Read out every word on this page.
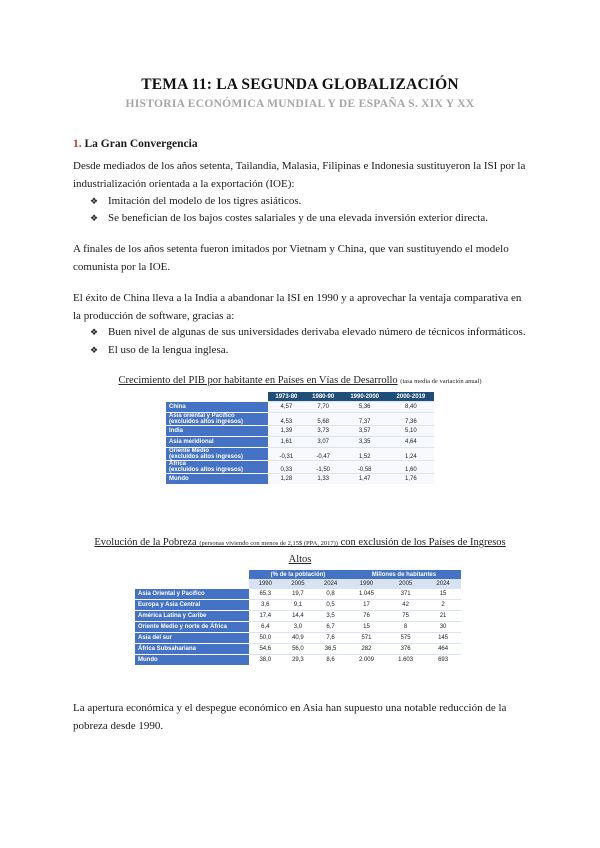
TEMA 11: LA SEGUNDA GLOBALIZACIÓN
HISTORIA ECONÓMICA MUNDIAL Y DE ESPAÑA S. XIX Y XX
1. La Gran Convergencia
Desde mediados de los años setenta, Tailandia, Malasia, Filipinas e Indonesia sustituyeron la ISI por la industrialización orientada a la exportación (IOE):
❖ Imitación del modelo de los tigres asiáticos.
❖ Se benefician de los bajos costes salariales y de una elevada inversión exterior directa.
A finales de los años setenta fueron imitados por Vietnam y China, que van sustituyendo el modelo comunista por la IOE.
El éxito de China lleva a la India a abandonar la ISI en 1990 y a aprovechar la ventaja comparativa en la producción de software, gracias a:
❖ Buen nivel de algunas de sus universidades derivaba elevado número de técnicos informáticos.
❖ El uso de la lengua inglesa.
Crecimiento del PIB por habitante en Países en Vías de Desarrollo (tasa media de variación anual)
	1973-80	1980-90	1990-2000	2000-2019

China	4,57	7,70	5,36	8,40

Asia oriental y Pacífico
(excluidos altos ingresos)	4,53	5,68	7,37	7,36

India	1,39	3,73	3,57	5,10

Asia meridional	1,61	3,07	3,35	4,64

Oriente Medio
(excluidos altos ingresos)	-0,31	-0,47	1,52	1,24

África
(excluidos altos ingresos)	0,33	-1,50	-0,58	1,60

Mundo	1,28	1,33	1,47	1,76
Evolución de la Pobreza (personas viviendo con menos de 2,15$ (PPA, 2017)) con exclusión de los Países de Ingresos
Altos
	(% de la población)			Millones de habitantes		
	1990	2005	2024	1990	2005	2024
Asia Oriental y Pacífico	65,3	19,7	0,8	1.045	371	15
Europa y Asia Central	3,6	9,1	0,5	17	42	2
América Latina y Caribe	17,4	14,4	3,5	76	75	21
Oriente Medio y norte de África	6,4	3,0	6,7	15	8	30
Asia del sur	50,0	40,9	7,6	571	575	145
África Subsahariana	54,6	56,0	36,5	282	376	464
Mundo	38,0	29,3	8,6	2.009	1.603	693
La apertura económica y el despegue económico en Asia han supuesto una notable reducción de la pobreza desde 1990.
